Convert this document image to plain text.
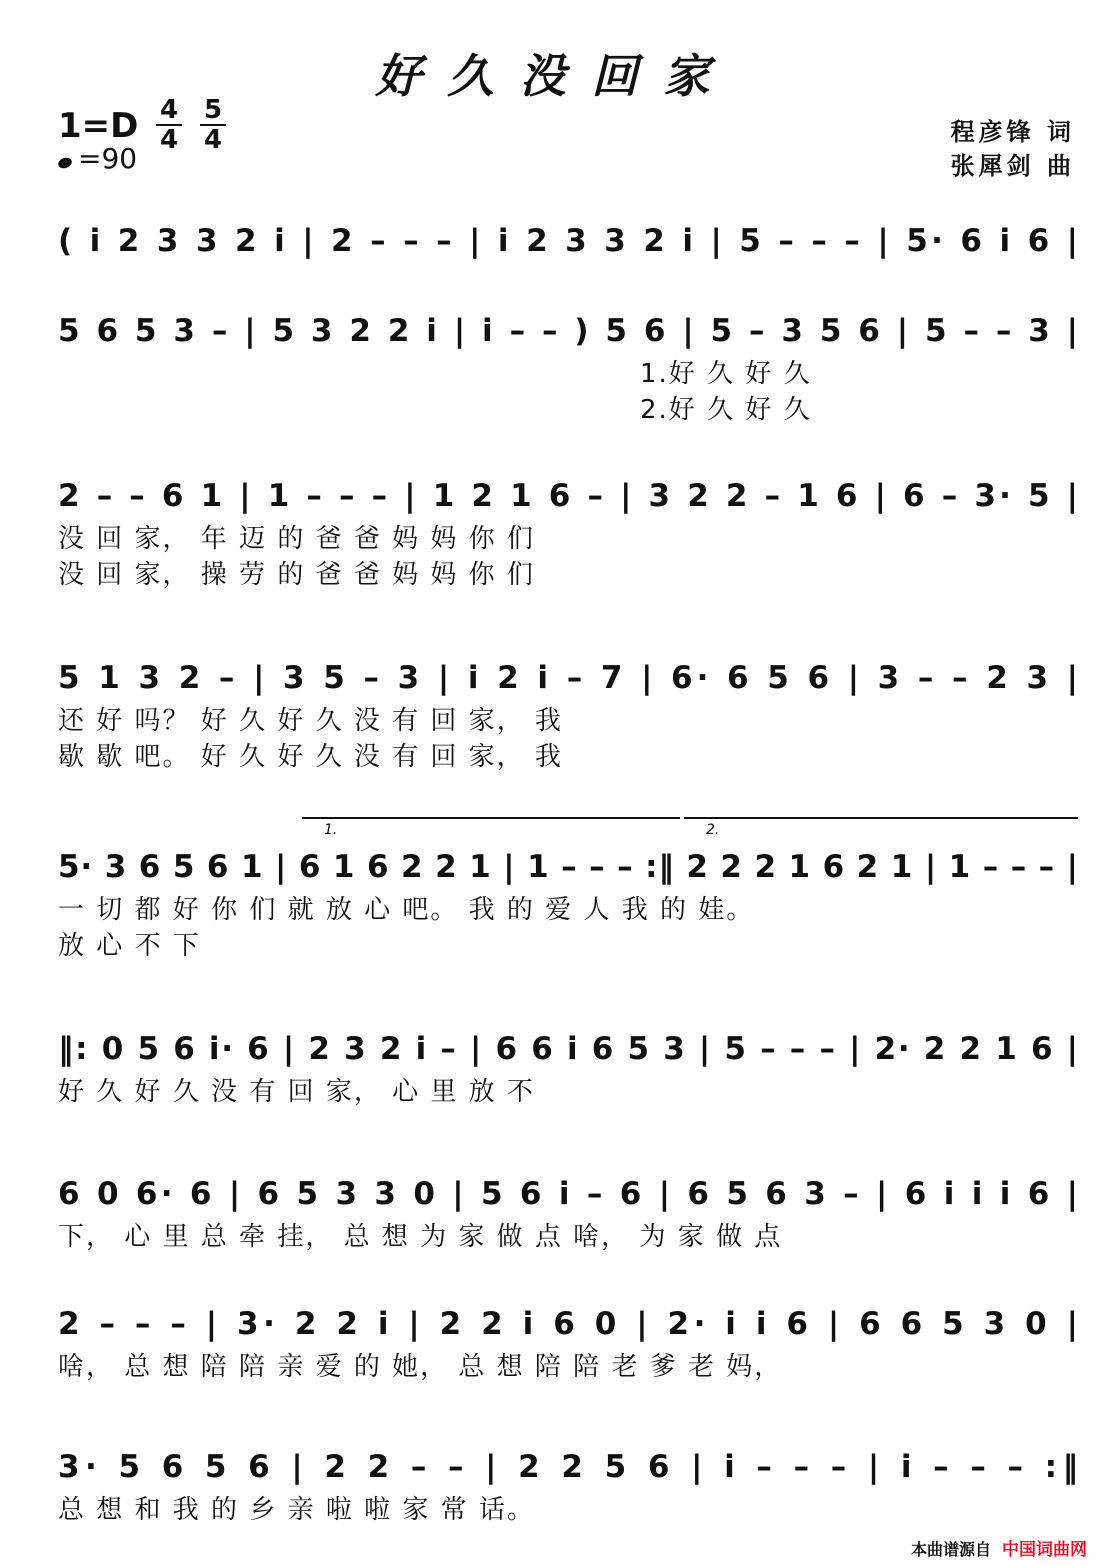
好久没回家
1=D
=90
4
4
5
4	程彦锋 词
张犀剑 曲
( i 2 3 3 2 i | 2 – – – | i 2 3 3 2 i | 5 – – – | 5· 6 i 6 |
5 6 5 3 – | 5 3 2 2 i | i – – ) 5 6 | 5 – 3 5 6 | 5 – – 3 |
1.好 久 好 久
2.好 久 好 久
2 – – 6 1 | 1 – – – | 1 2 1 6 – | 3 2 2 – 1 6 | 6 – 3· 5 |
没 回 家， 年 迈 的 爸 爸 妈 妈 你 们
没 回 家， 操 劳 的 爸 爸 妈 妈 你 们
5 1 3 2 – | 3 5 – 3 | i 2 i – 7 | 6· 6 5 6 | 3 – – 2 3 |
还 好 吗？ 好 久 好 久 没 有 回 家， 我
歇 歇 吧。 好 久 好 久 没 有 回 家， 我
5· 3 6 5 6 1 | 6 1 6 2 2 1 | 1 – – – :‖ 2 2 2 1 6 2 1 | 1 – – – |
1.	2.
一 切 都 好 你 们 就 放 心 吧。 我 的 爱 人 我 的 娃。
放 心 不 下
‖: 0 5 6 i· 6 | 2 3 2 i – | 6 6 i 6 5 3 | 5 – – – | 2· 2 2 1 6 |
好 久 好 久 没 有 回 家， 心 里 放 不
6 0 6· 6 | 6 5 3 3 0 | 5 6 i – 6 | 6 5 6 3 – | 6 i i i 6 |
下， 心 里 总 牵 挂， 总 想 为 家 做 点 啥， 为 家 做 点
2 – – – | 3· 2 2 i | 2 2 i 6 0 | 2· i i 6 | 6 6 5 3 0 |
啥， 总 想 陪 陪 亲 爱 的 她， 总 想 陪 陪 老 爹 老 妈，
3· 5 6 5 6 | 2 2 – – | 2 2 5 6 | i – – – | i – – – :‖
总 想 和 我 的 乡 亲 啦 啦 家 常 话。
本曲谱源自 中国词曲网
